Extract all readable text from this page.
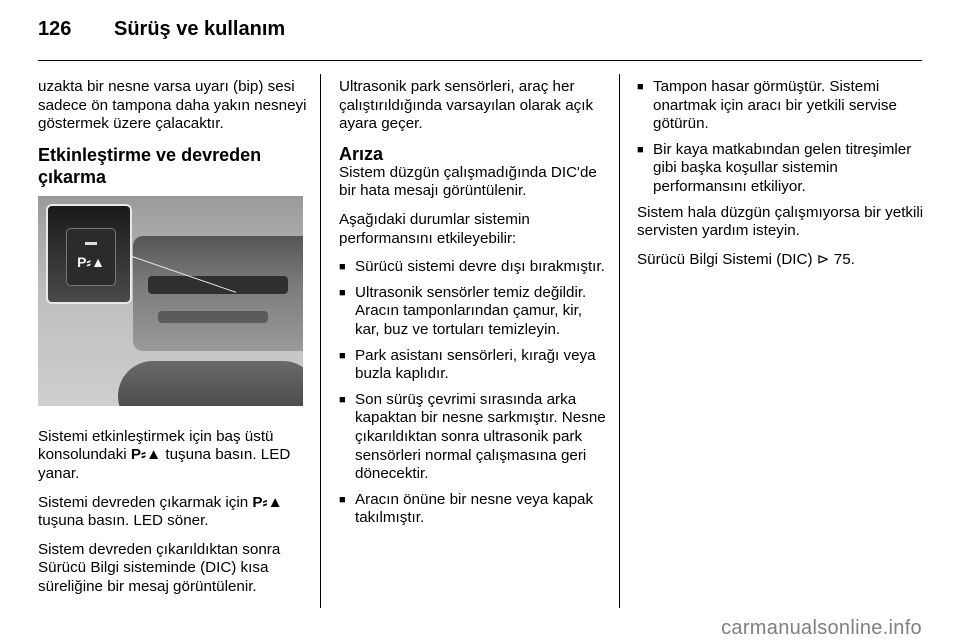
126	Sürüş ve kullanım

uzakta bir nesne varsa uyarı (bip) sesi sadece ön tampona daha yakın nesneyi göstermek üzere çalacaktır.

Etkinleştirme ve devreden çıkarma
P⸗▲

Sistemi etkinleştirmek için baş üstü konsolundaki P⸗▲ tuşuna basın. LED yanar.

Sistemi devreden çıkarmak için P⸗▲ tuşuna basın. LED söner.

Sistem devreden çıkarıldıktan sonra Sürücü Bilgi sisteminde (DIC) kısa süreliğine bir mesaj görüntülenir.

Ultrasonik park sensörleri, araç her çalıştırıldığında varsayılan olarak açık ayara geçer.

Arıza

Sistem düzgün çalışmadığında DIC'de bir hata mesajı görüntülenir.

Aşağıdaki durumlar sistemin performansını etkileyebilir:

■ Sürücü sistemi devre dışı bırakmıştır.
■ Ultrasonik sensörler temiz değildir. Aracın tamponlarından çamur, kir, kar, buz ve tortuları temizleyin.
■ Park asistanı sensörleri, kırağı veya buzla kaplıdır.
■ Son sürüş çevrimi sırasında arka kapaktan bir nesne sarkmıştır. Nesne çıkarıldıktan sonra ultrasonik park sensörleri normal çalışmasına geri dönecektir.
■ Aracın önüne bir nesne veya kapak takılmıştır.
■ Tampon hasar görmüştür. Sistemi onartmak için aracı bir yetkili servise götürün.
■ Bir kaya matkabından gelen titreşimler gibi başka koşullar sistemin performansını etkiliyor.

Sistem hala düzgün çalışmıyorsa bir yetkili servisten yardım isteyin.

Sürücü Bilgi Sistemi (DIC) ⊳ 75.

carmanualsonline.info
